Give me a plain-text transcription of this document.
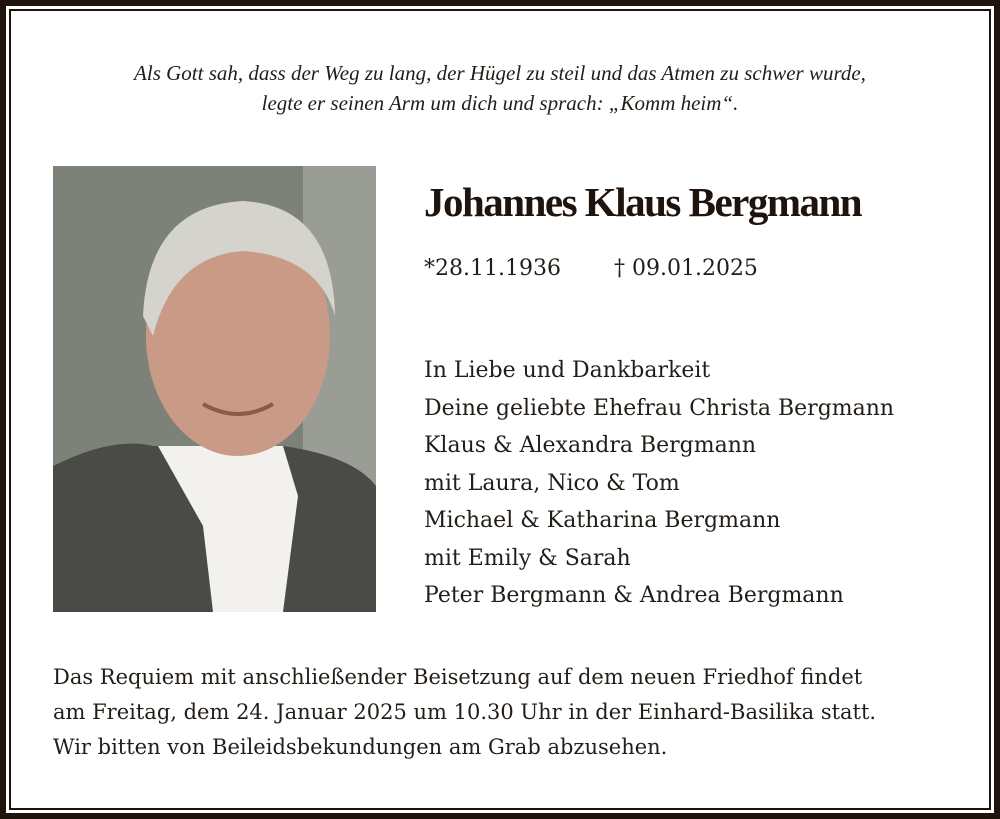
Als Gott sah, dass der Weg zu lang, der Hügel zu steil und das Atmen zu schwer wurde,
legte er seinen Arm um dich und sprach: „Komm heim“.
Johannes Klaus Bergmann
*28.11.1936 † 09.01.2025
In Liebe und Dankbarkeit
Deine geliebte Ehefrau Christa Bergmann
Klaus & Alexandra Bergmann
mit Laura, Nico & Tom
Michael & Katharina Bergmann
mit Emily & Sarah
Peter Bergmann & Andrea Bergmann
Das Requiem mit anschließender Beisetzung auf dem neuen Friedhof findet
am Freitag, dem 24. Januar 2025 um 10.30 Uhr in der Einhard-Basilika statt.
Wir bitten von Beileidsbekundungen am Grab abzusehen.
